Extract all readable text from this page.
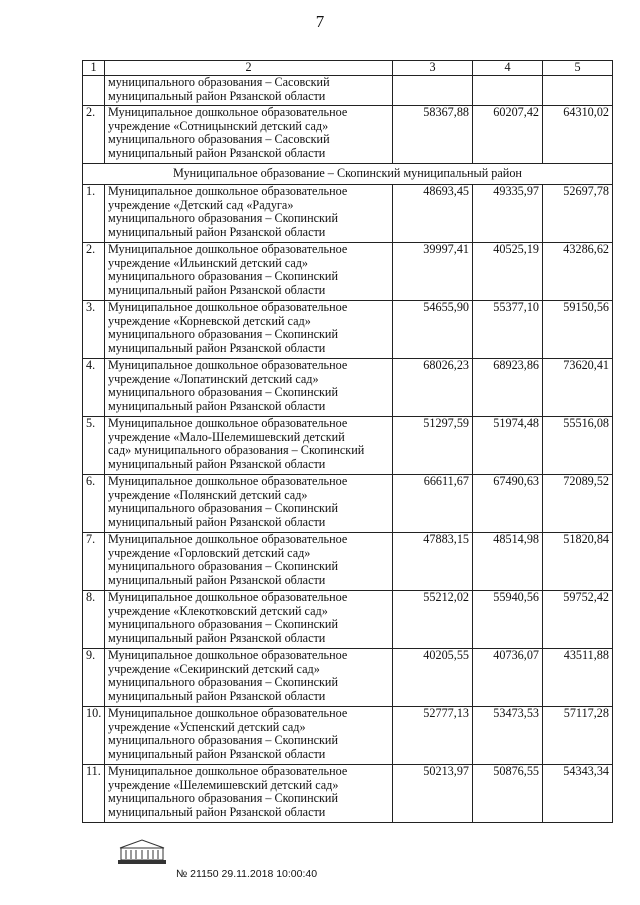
7
1	2	3	4	5

	муниципального образования – Сасовский
муниципальный район Рязанской области			

2.	Муниципальное дошкольное образовательное
учреждение «Сотницынский детский сад»
муниципального образования – Сасовский
муниципальный район Рязанской области	58367,88	60207,42	64310,02
Муниципальное образование – Скопинский муниципальный район				
1.	Муниципальное дошкольное образовательное
учреждение «Детский сад «Радуга»
муниципального образования – Скопинский
муниципальный район Рязанской области	48693,45	49335,97	52697,78
2.	Муниципальное дошкольное образовательное
учреждение «Ильинский детский сад»
муниципального образования – Скопинский
муниципальный район Рязанской области	39997,41	40525,19	43286,62
3.	Муниципальное дошкольное образовательное
учреждение «Корневской детский сад»
муниципального образования – Скопинский
муниципальный район Рязанской области	54655,90	55377,10	59150,56
4.	Муниципальное дошкольное образовательное
учреждение «Лопатинский детский сад»
муниципального образования – Скопинский
муниципальный район Рязанской области	68026,23	68923,86	73620,41
5.	Муниципальное дошкольное образовательное
учреждение «Мало-Шелемишевский детский
сад» муниципального образования – Скопинский
муниципальный район Рязанской области	51297,59	51974,48	55516,08
6.	Муниципальное дошкольное образовательное
учреждение «Полянский детский сад»
муниципального образования – Скопинский
муниципальный район Рязанской области	66611,67	67490,63	72089,52
7.	Муниципальное дошкольное образовательное
учреждение «Горловский детский сад»
муниципального образования – Скопинский
муниципальный район Рязанской области	47883,15	48514,98	51820,84
8.	Муниципальное дошкольное образовательное
учреждение «Клекотковский детский сад»
муниципального образования – Скопинский
муниципальный район Рязанской области	55212,02	55940,56	59752,42
9.	Муниципальное дошкольное образовательное
учреждение «Секиринский детский сад»
муниципального образования – Скопинский
муниципальный район Рязанской области	40205,55	40736,07	43511,88
10.	Муниципальное дошкольное образовательное
учреждение «Успенский детский сад»
муниципального образования – Скопинский
муниципальный район Рязанской области	52777,13	53473,53	57117,28
11.	Муниципальное дошкольное образовательное
учреждение «Шелемишевский детский сад»
муниципального образования – Скопинский
муниципальный район Рязанской области	50213,97	50876,55	54343,34
№ 21150 29.11.2018 10:00:40
